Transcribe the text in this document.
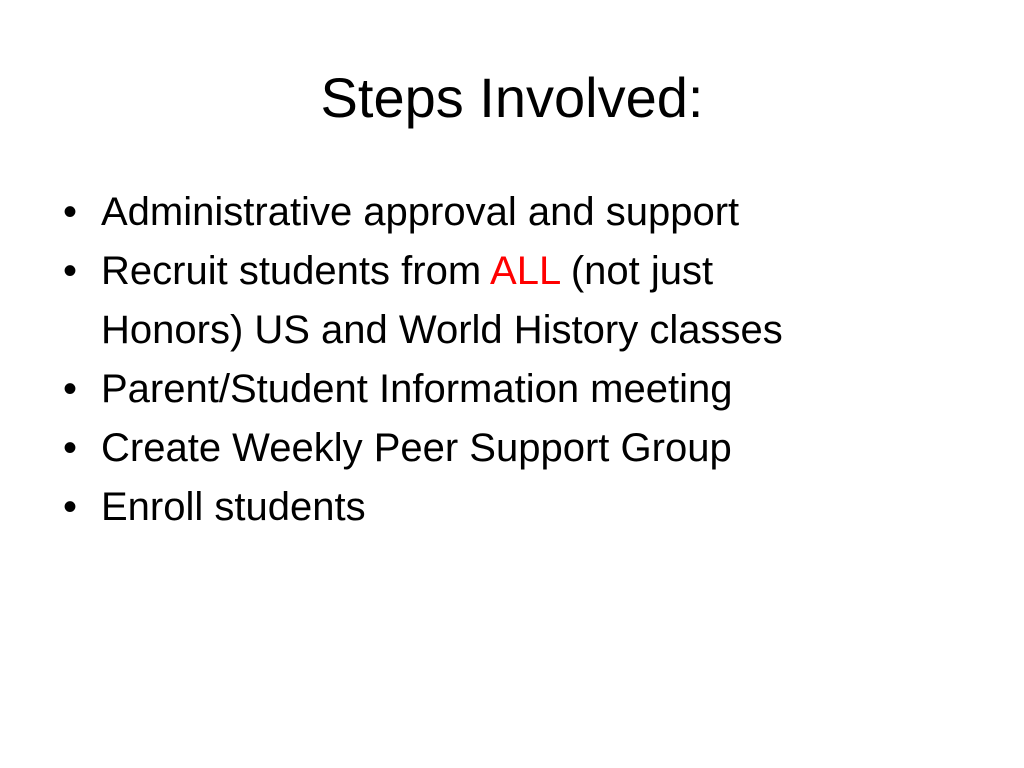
Steps Involved:
• Administrative approval and support
• Recruit students from ALL (not just
Honors) US and World History classes
• Parent/Student Information meeting
• Create Weekly Peer Support Group
• Enroll students
